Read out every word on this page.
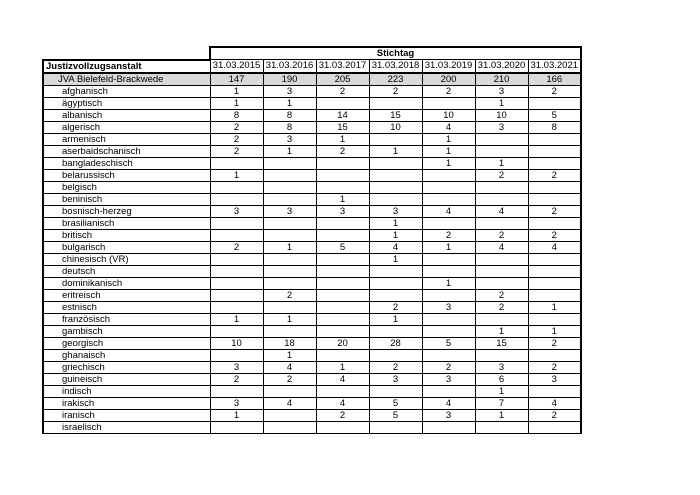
	Stichtag						
Justizvollzugsanstalt	31.03.2015	31.03.2016	31.03.2017	31.03.2018	31.03.2019	31.03.2020	31.03.2021
JVA Bielefeld-Brackwede	147	190	205	223	200	210	166
afghanisch	1	3	2	2	2	3	2
ägyptisch	1	1				1	
albanisch	8	8	14	15	10	10	5
algerisch	2	8	15	10	4	3	8
armenisch	2	3	1		1		
aserbaidschanisch	2	1	2	1	1		
bangladeschisch					1	1	
belarussisch	1					2	2
belgisch							
beninisch			1				
bosnisch-herzeg	3	3	3	3	4	4	2
brasilianisch				1			
britisch				1	2	2	2
bulgarisch	2	1	5	4	1	4	4
chinesisch (VR)				1			
deutsch							
dominikanisch					1		
eritreisch		2				2	
estnisch				2	3	2	1
französisch	1	1		1			
gambisch						1	1
georgisch	10	18	20	28	5	15	2
ghanaisch		1					
griechisch	3	4	1	2	2	3	2
guineisch	2	2	4	3	3	6	3
indisch						1	
irakisch	3	4	4	5	4	7	4
iranisch	1		2	5	3	1	2
israelisch							
